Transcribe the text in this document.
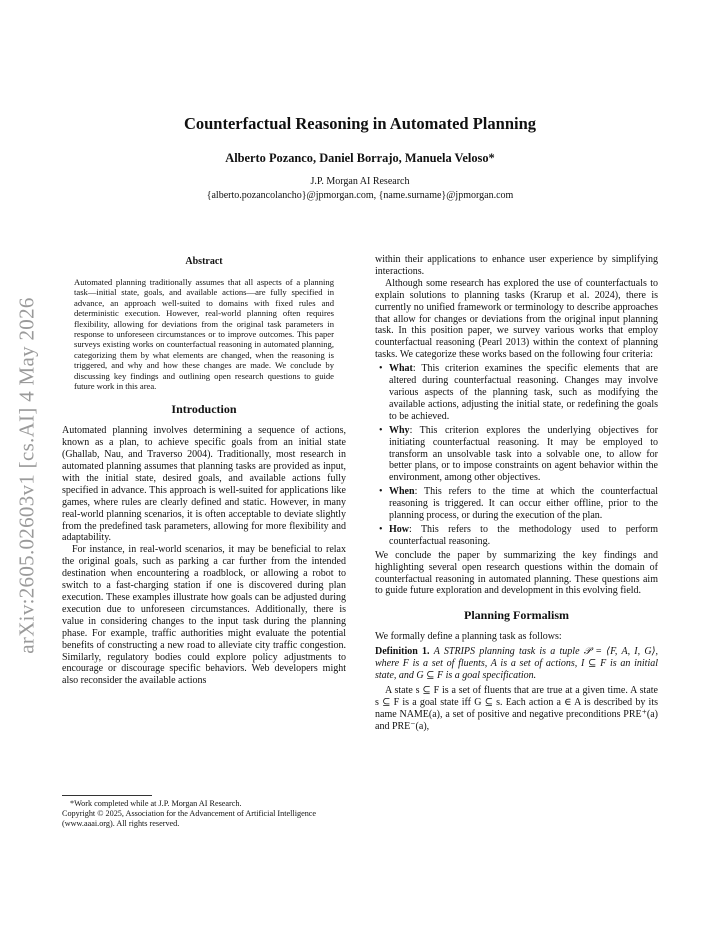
arXiv:2605.02603v1 [cs.AI] 4 May 2026
Counterfactual Reasoning in Automated Planning
Alberto Pozanco, Daniel Borrajo, Manuela Veloso*
J.P. Morgan AI Research
{alberto.pozancolancho}@jpmorgan.com, {name.surname}@jpmorgan.com
Abstract
Automated planning traditionally assumes that all aspects of a planning task—initial state, goals, and available actions—are fully specified in advance, an approach well-suited to domains with fixed rules and deterministic execution. However, real-world planning often requires flexibility, allowing for deviations from the original task parameters in response to unforeseen circumstances or to improve outcomes. This paper surveys existing works on counterfactual reasoning in automated planning, categorizing them by what elements are changed, when the reasoning is triggered, and why and how these changes are made. We conclude by discussing key findings and outlining open research questions to guide future work in this area.
Introduction

Automated planning involves determining a sequence of actions, known as a plan, to achieve specific goals from an initial state (Ghallab, Nau, and Traverso 2004). Traditionally, most research in automated planning assumes that planning tasks are provided as input, with the initial state, desired goals, and available actions fully specified in advance. This approach is well-suited for applications like games, where rules are clearly defined and static. However, in many real-world planning scenarios, it is often acceptable to deviate slightly from the predefined task parameters, allowing for more flexibility and adaptability.

For instance, in real-world scenarios, it may be beneficial to relax the original goals, such as parking a car further from the intended destination when encountering a roadblock, or allowing a robot to switch to a fast-charging station if one is discovered during plan execution. These examples illustrate how goals can be adjusted during execution due to unforeseen circumstances. Additionally, there is value in considering changes to the input task during the planning phase. For example, traffic authorities might evaluate the potential benefits of constructing a new road to alleviate city traffic congestion. Similarly, regulatory bodies could explore policy adjustments to encourage or discourage specific behaviors. Web developers might also reconsider the available actions

*Work completed while at J.P. Morgan AI Research.
Copyright © 2025, Association for the Advancement of Artificial Intelligence (www.aaai.org). All rights reserved.

within their applications to enhance user experience by simplifying interactions.

Although some research has explored the use of counterfactuals to explain solutions to planning tasks (Krarup et al. 2024), there is currently no unified framework or terminology to describe approaches that allow for changes or deviations from the original input planning task. In this position paper, we survey various works that employ counterfactual reasoning (Pearl 2013) within the context of planning tasks. We categorize these works based on the following four criteria:

• What: This criterion examines the specific elements that are altered during counterfactual reasoning. Changes may involve various aspects of the planning task, such as modifying the available actions, adjusting the initial state, or redefining the goals to be achieved.
• Why: This criterion explores the underlying objectives for initiating counterfactual reasoning. It may be employed to transform an unsolvable task into a solvable one, to allow for better plans, or to impose constraints on agent behavior within the environment, among other objectives.
• When: This refers to the time at which the counterfactual reasoning is triggered. It can occur either offline, prior to the planning process, or during the execution of the plan.
• How: This refers to the methodology used to perform counterfactual reasoning.

We conclude the paper by summarizing the key findings and highlighting several open research questions within the domain of counterfactual reasoning in automated planning. These questions aim to guide future exploration and development in this evolving field.

Planning Formalism

We formally define a planning task as follows:

Definition 1. A STRIPS planning task is a tuple 𝒫 = ⟨F, A, I, G⟩, where F is a set of fluents, A is a set of actions, I ⊆ F is an initial state, and G ⊆ F is a goal specification.

A state s ⊆ F is a set of fluents that are true at a given time. A state s ⊆ F is a goal state iff G ⊆ s. Each action a ∈ A is described by its name NAME(a), a set of positive and negative preconditions PRE⁺(a) and PRE⁻(a),
